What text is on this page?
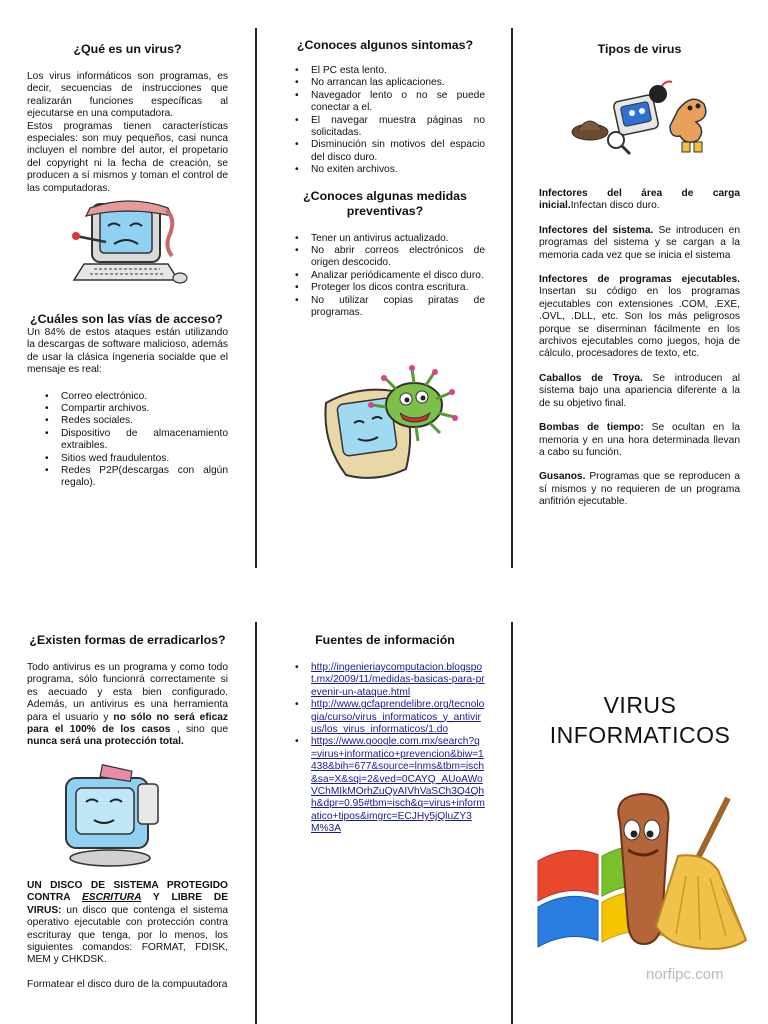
¿Qué es un virus?

Los virus informáticos son programas, es decir, secuencias de instrucciones que realizarán funciones específicas al ejecutarse en una computadora.

Estos programas tienen características especiales: son muy pequeños, casi nunca incluyen el nombre del autor, el propetario del copyright ni la fecha de creación, se producen a sí mismos y toman el control de las computadoras.

¿Cuáles son las vías de acceso?

Un 84% de estos ataques están utilizando la descargas de software malicioso, además de usar la clásica íngeneria socialde que el mensaje es real:

• Correo electrónico.
• Compartir archivos.
• Redes sociales.
• Dispositivo de almacenamiento extraibles.
• Sitios wed fraudulentos.
• Redes P2P(descargas con algún regalo).
¿Conoces algunos sintomas?
• El PC esta lento.
• No arrancan las aplicaciones.
• Navegador lento o no se puede conectar a el.
• El navegar muestra páginas no solicitadas.
• Disminución sin motivos del espacio del disco duro.
• No exiten archivos.
¿Conoces algunas medidas preventivas?
• Tener un antivirus actualizado.
• No abrir correos electrónicos de origen descocido.
• Analizar periódicamente el disco duro.
• Proteger los dicos contra escritura.
• No utilizar copias piratas de programas.
Tipos de virus

Infectores del área de carga inicial.Infectan disco duro.

Infectores del sistema. Se introducen en programas del sistema y se cargan a la memoria cada vez que se inicia el sistema

Infectores de programas ejecutables. Insertan su código en los programas ejecutables con extensiones .COM, .EXE, .OVL, .DLL, etc. Son los más peligrosos porque se diserminan fácilmente en los archivos ejecutables como juegos, hoja de cálculo, procesadores de texto, etc.

Caballos de Troya. Se introducen al sistema bajo una apariencia diferente a la de su objetivo final.

Bombas de tiempo: Se ocultan en la memoria y en una hora determinada llevan a cabo su función.

Gusanos. Programas que se reproducen a sí mismos y no requieren de un programa anfitrión ejecutable.

¿Existen formas de erradicarlos?

Todo antivirus es un programa y como todo programa, sólo funcionrá correctamente si es aecuado y esta bien configurado. Además, un antivirus es una herramienta para el usuario y no sólo no será eficaz para el 100% de los casos , sino que nunca será una protección total.

UN DISCO DE SISTEMA PROTEGIDO CONTRA ESCRITURA Y LIBRE DE VIRUS: un disco que contenga el sistema operativo ejecutable con protección contra escrituray que tenga, por lo menos, los siguientes comandos: FORMAT, FDISK, MEM y CHKDSK.

Formatear el disco duro de la compuutadora

Fuentes de información
• http://ingenieriaycomputacion.blogspot.mx/2009/11/medidas-basicas-para-prevenir-un-ataque.html
• http://www.gcfaprendelibre.org/tecnologia/curso/virus_informaticos_y_antivirus/los_virus_informaticos/1.do
• https://www.google.com.mx/search?q=virus+informatico+prevencion&biw=1438&bih=677&source=lnms&tbm=isch&sa=X&sqi=2&ved=0CAYQ_AUoAWoVChMIkMOrhZuQyAIVhVaSCh3Q4Qhh&dpr=0.95#tbm=isch&q=virus+informatico+tipos&imgrc=ECJHy5jQluZY3M%3A
VIRUS
INFORMATICOS
norfipc.com
